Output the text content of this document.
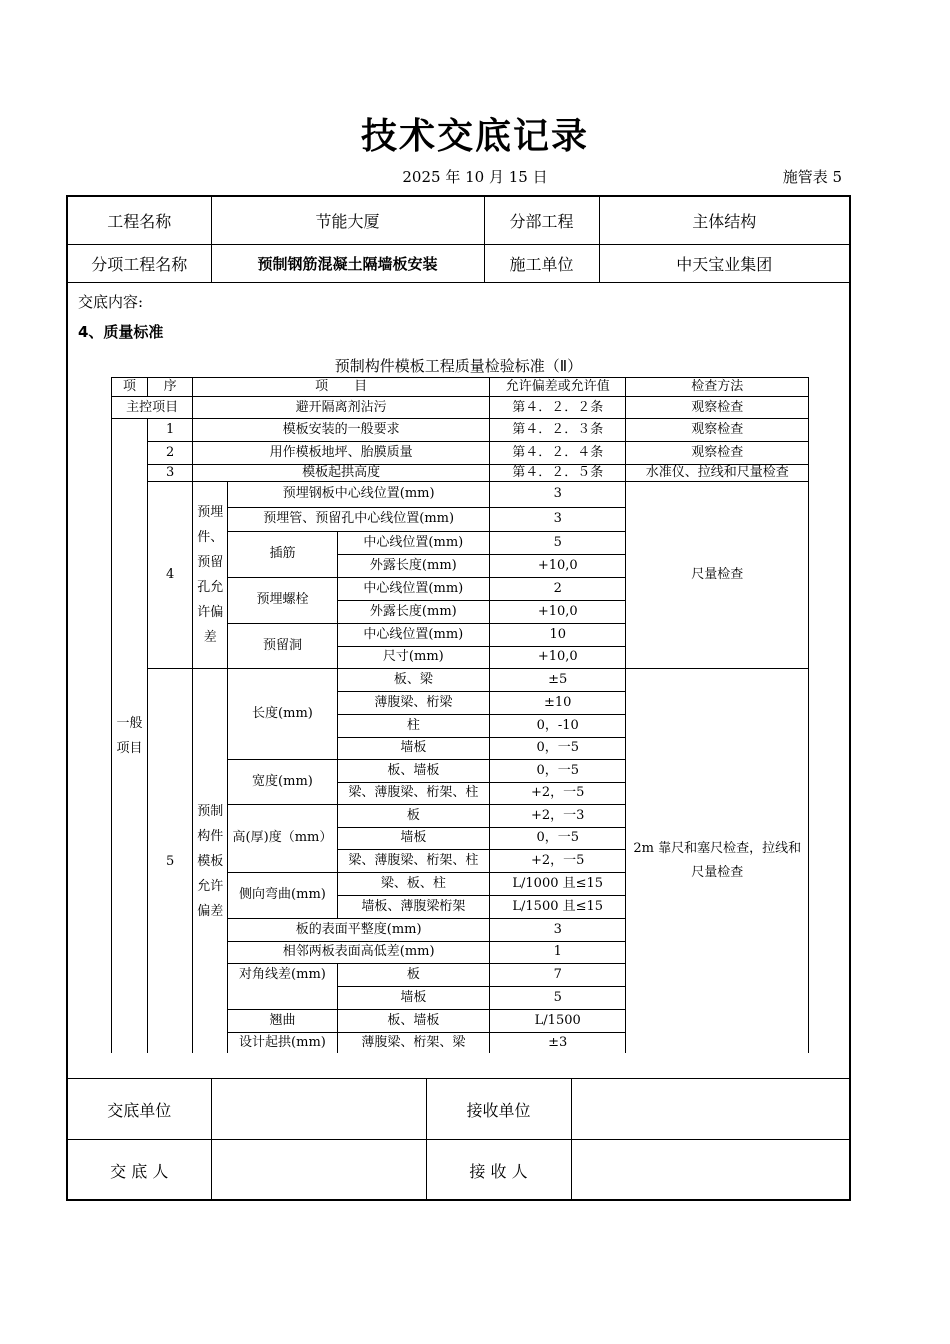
技术交底记录
2025 年 10 月 15 日	施管表 5
工程名称	节能大厦	分部工程	主体结构
分项工程名称	预制钢筋混凝土隔墙板安装	施工单位	中天宝业集团
交底内容:
4、质量标准
预制构件模板工程质量检验标准（Ⅱ）
项	序	项　　目			允许偏差或允许值	检查方法
主控项目		避开隔离剂沾污			第４．２．２条	观察检查
一般项目	1	模板安装的一般要求			第４．２．３条	观察检查
	2	用作模板地坪、胎膜质量			第４．２．４条	观察检查
	3	模板起拱高度			第４．２．５条	水准仪、拉线和尺量检查
	4	预埋件、预留孔允许偏差	预埋钢板中心线位置(mm)		3	尺量检查
			预埋管、预留孔中心线位置(mm)		3	
			插筋	中心线位置(mm)	5	
				外露长度(mm)	+10,0	
			预埋螺栓	中心线位置(mm)	2	
				外露长度(mm)	+10,0	
			预留洞	中心线位置(mm)	10	
				尺寸(mm)	+10,0	
	5	预制构件模板允许偏差	长度(mm)	板、梁	±5	2m 靠尺和塞尺检查，拉线和尺量检查
				薄腹梁、桁梁	±10	
				柱	0，-10	
				墙板	0，一5	
			宽度(mm)	板、墙板	0，一5	
				梁、薄腹梁、桁架、柱	+2，一5	
			高(厚)度（mm）	板	+2，一3	
				墙板	0，一5	
				梁、薄腹梁、桁架、柱	+2，一5	
			侧向弯曲(mm)	梁、板、柱	L/1000 且≤15	
				墙板、薄腹梁桁架	L/1500 且≤15	
			板的表面平整度(mm)		3	
			相邻两板表面高低差(mm)		1	
			对角线差(mm)	板	7	
				墙板	5	
			翘曲	板、墙板	L/1500	
			设计起拱(mm)	薄腹梁、桁架、梁	±3	
交底单位		接收单位	
交 底 人		接 收 人	
